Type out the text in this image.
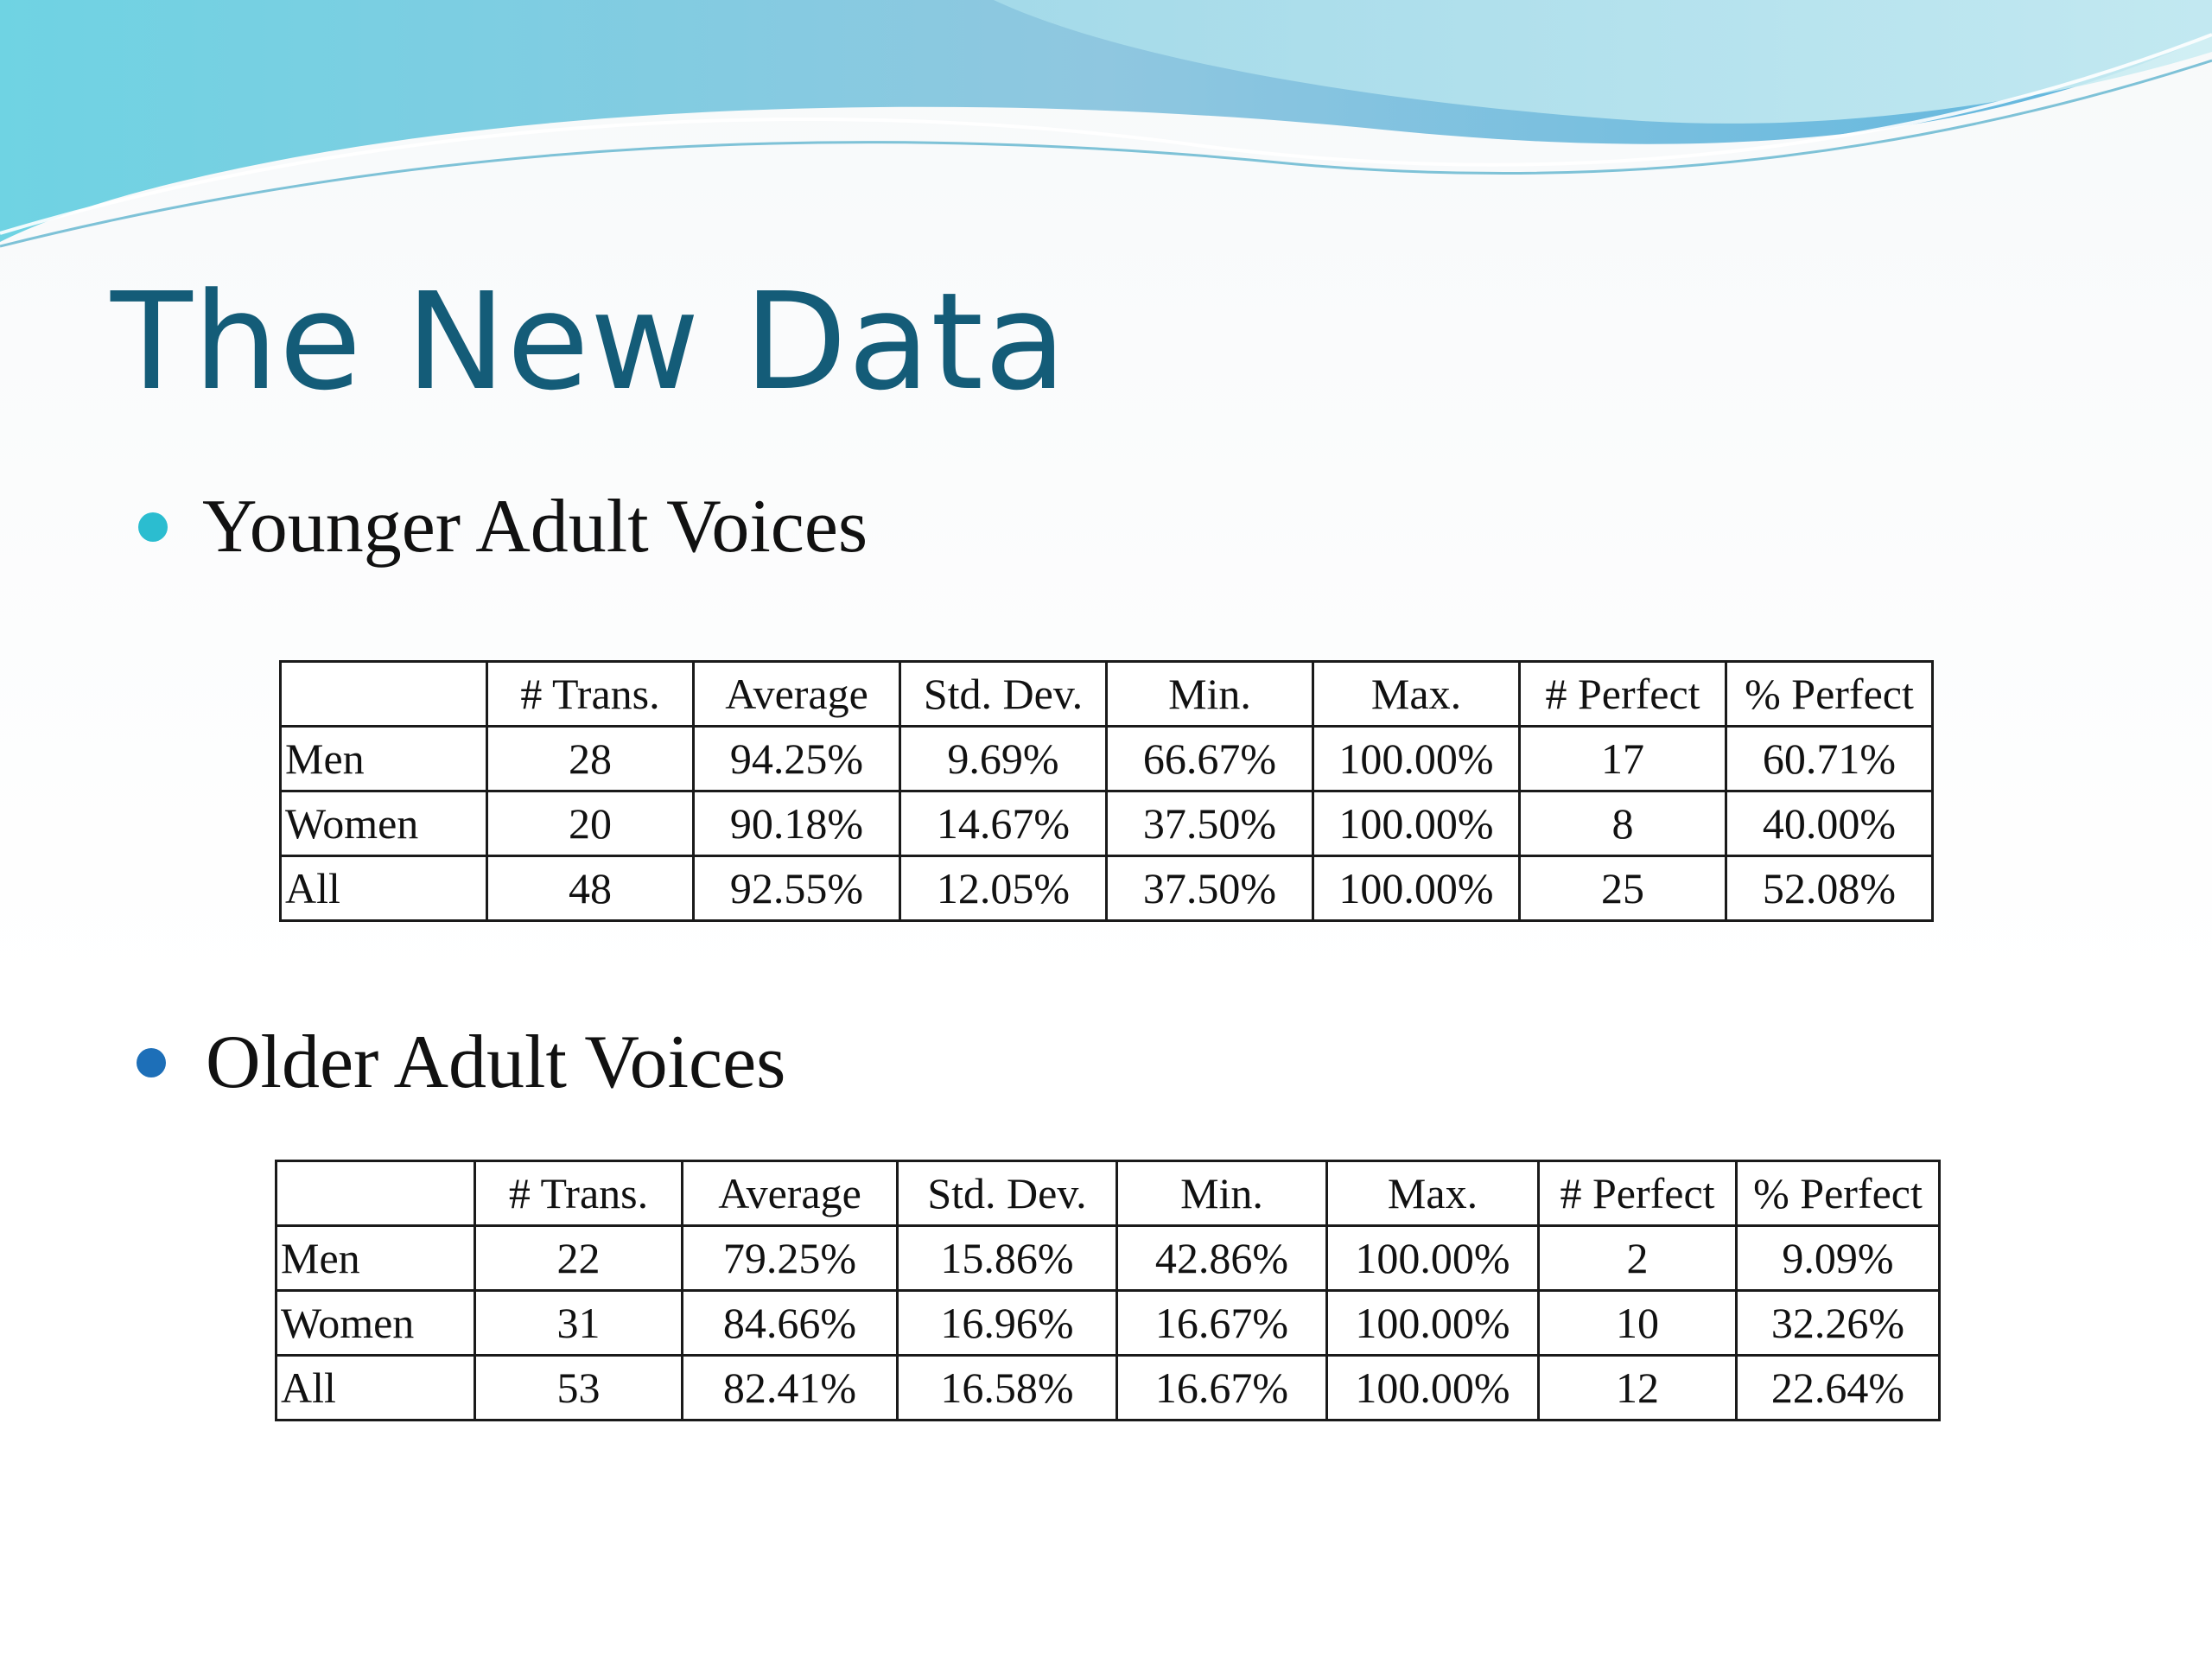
The New Data
Younger Adult Voices
	# Trans.	Average	Std. Dev.	Min.	Max.	# Perfect	% Perfect
Men	28	94.25%	9.69%	66.67%	100.00%	17	60.71%
Women	20	90.18%	14.67%	37.50%	100.00%	8	40.00%
All	48	92.55%	12.05%	37.50%	100.00%	25	52.08%
Older Adult Voices
	# Trans.	Average	Std. Dev.	Min.	Max.	# Perfect	% Perfect
Men	22	79.25%	15.86%	42.86%	100.00%	2	9.09%
Women	31	84.66%	16.96%	16.67%	100.00%	10	32.26%
All	53	82.41%	16.58%	16.67%	100.00%	12	22.64%
